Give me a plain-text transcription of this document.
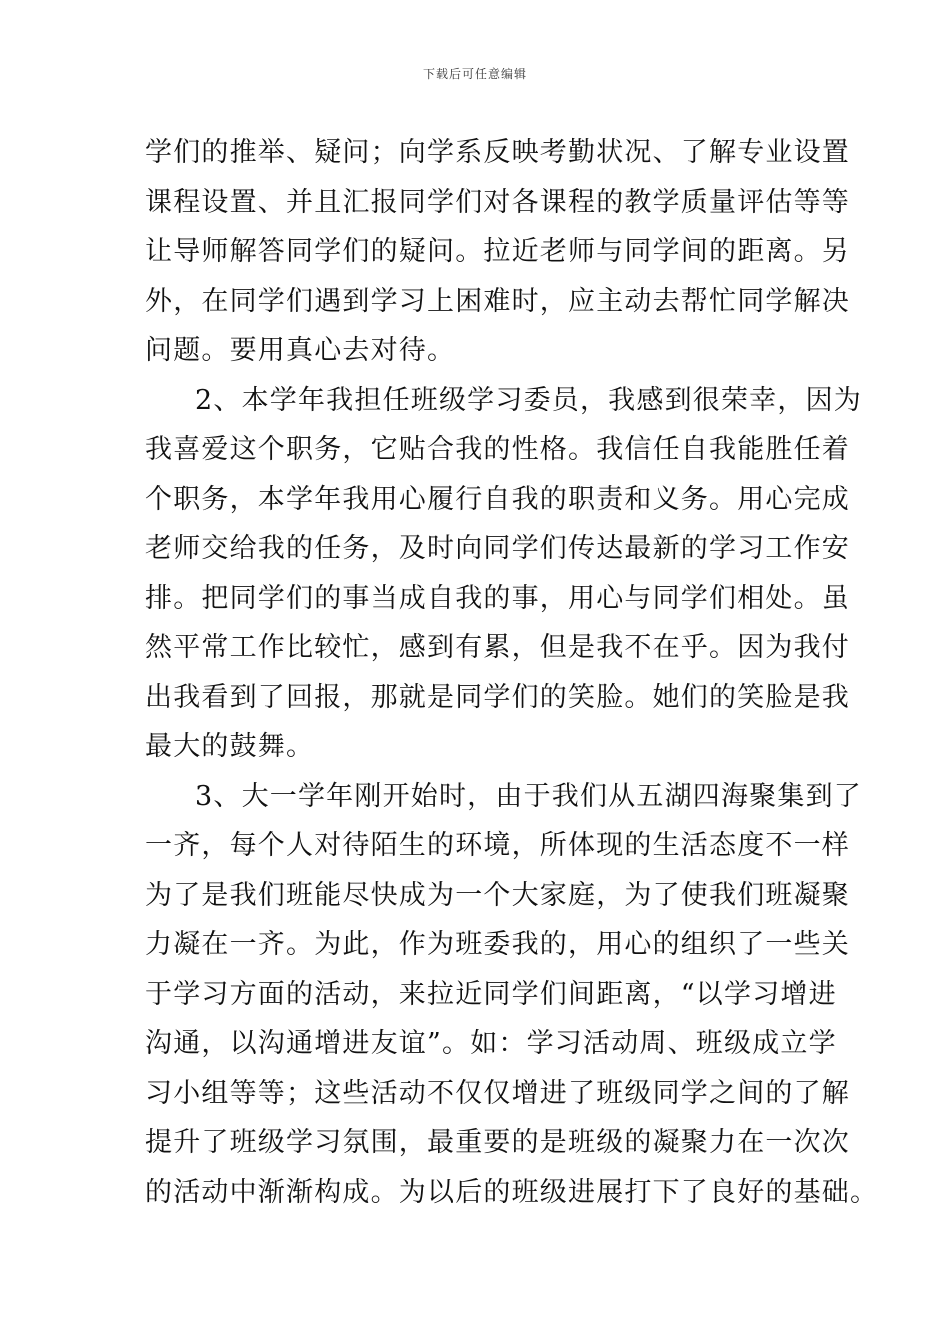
下载后可任意编辑
学们的推举、疑问；向学系反映考勤状况、了解专业设置
课程设置、并且汇报同学们对各课程的教学质量评估等等
让导师解答同学们的疑问。拉近老师与同学间的距离。另
外，在同学们遇到学习上困难时，应主动去帮忙同学解决
问题。要用真心去对待。
2、本学年我担任班级学习委员，我感到很荣幸，因为
我喜爱这个职务，它贴合我的性格。我信任自我能胜任着
个职务，本学年我用心履行自我的职责和义务。用心完成
老师交给我的任务，及时向同学们传达最新的学习工作安
排。把同学们的事当成自我的事，用心与同学们相处。虽
然平常工作比较忙，感到有累，但是我不在乎。因为我付
出我看到了回报，那就是同学们的笑脸。她们的笑脸是我
最大的鼓舞。
3、大一学年刚开始时，由于我们从五湖四海聚集到了
一齐，每个人对待陌生的环境，所体现的生活态度不一样
为了是我们班能尽快成为一个大家庭，为了使我们班凝聚
力凝在一齐。为此，作为班委我的，用心的组织了一些关
于学习方面的活动，来拉近同学们间距离，“以学习增进
沟通，以沟通增进友谊”。如：学习活动周、班级成立学
习小组等等；这些活动不仅仅增进了班级同学之间的了解
提升了班级学习氛围，最重要的是班级的凝聚力在一次次
的活动中渐渐构成。为以后的班级进展打下了良好的基础。
